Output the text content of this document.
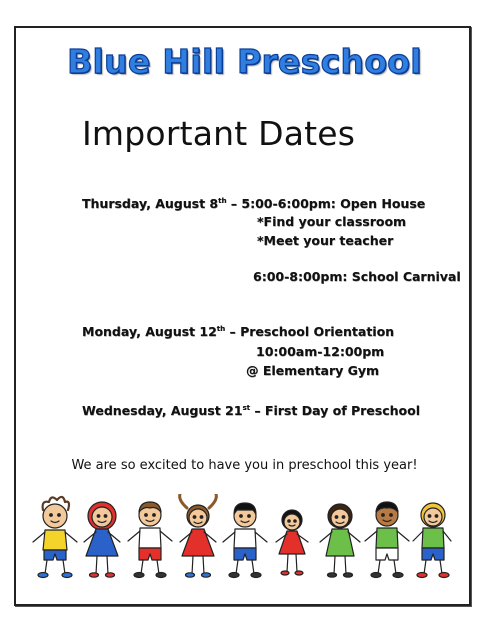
Blue Hill Preschool
Important Dates
Thursday, August 8th – 5:00-6:00pm: Open House
*Find your classroom
*Meet your teacher
6:00-8:00pm: School Carnival
Monday, August 12th – Preschool Orientation
10:00am-12:00pm
@ Elementary Gym
Wednesday, August 21st – First Day of Preschool
We are so excited to have you in preschool this year!
